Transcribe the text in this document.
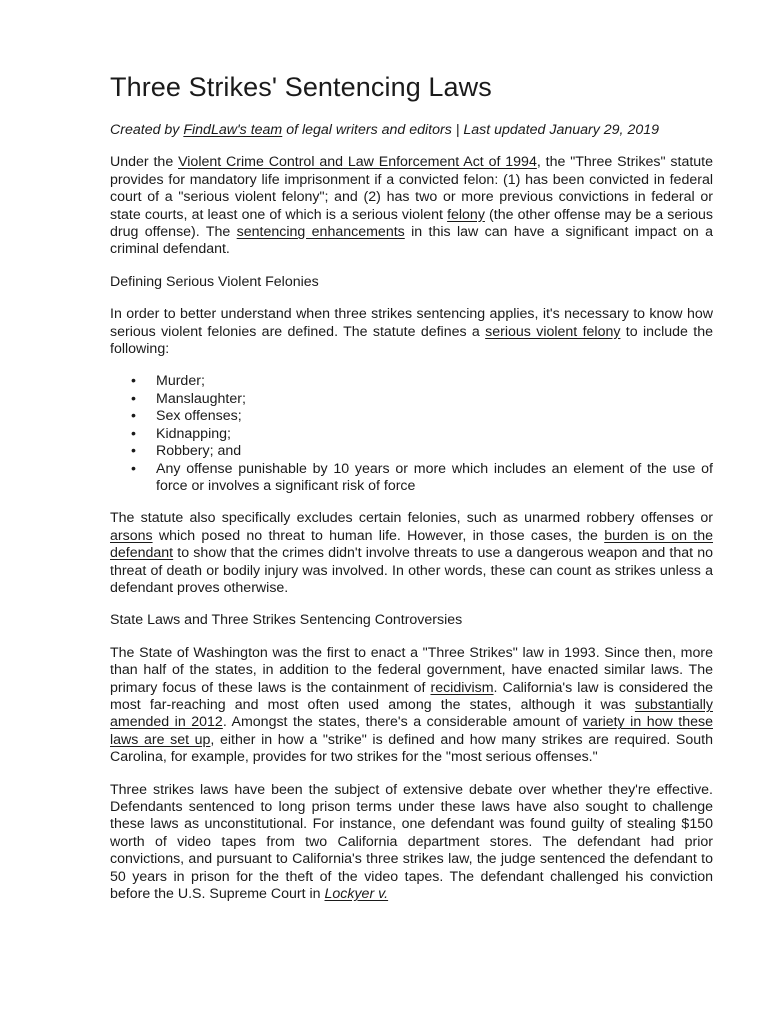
Three Strikes' Sentencing Laws

Created by FindLaw's team of legal writers and editors | Last updated January 29, 2019

Under the Violent Crime Control and Law Enforcement Act of 1994, the "Three Strikes" statute provides for mandatory life imprisonment if a convicted felon: (1) has been convicted in federal court of a "serious violent felony"; and (2) has two or more previous convictions in federal or state courts, at least one of which is a serious violent felony (the other offense may be a serious drug offense). The sentencing enhancements in this law can have a significant impact on a criminal defendant.

Defining Serious Violent Felonies

In order to better understand when three strikes sentencing applies, it's necessary to know how serious violent felonies are defined. The statute defines a serious violent felony to include the following:

• Murder;
• Manslaughter;
• Sex offenses;
• Kidnapping;
• Robbery; and
• Any offense punishable by 10 years or more which includes an element of the use of force or involves a significant risk of force

The statute also specifically excludes certain felonies, such as unarmed robbery offenses or arsons which posed no threat to human life. However, in those cases, the burden is on the defendant to show that the crimes didn't involve threats to use a dangerous weapon and that no threat of death or bodily injury was involved. In other words, these can count as strikes unless a defendant proves otherwise.

State Laws and Three Strikes Sentencing Controversies

The State of Washington was the first to enact a "Three Strikes" law in 1993. Since then, more than half of the states, in addition to the federal government, have enacted similar laws. The primary focus of these laws is the containment of recidivism. California's law is considered the most far-reaching and most often used among the states, although it was substantially amended in 2012. Amongst the states, there's a considerable amount of variety in how these laws are set up, either in how a "strike" is defined and how many strikes are required. South Carolina, for example, provides for two strikes for the "most serious offenses."

Three strikes laws have been the subject of extensive debate over whether they're effective. Defendants sentenced to long prison terms under these laws have also sought to challenge these laws as unconstitutional. For instance, one defendant was found guilty of stealing $150 worth of video tapes from two California department stores. The defendant had prior convictions, and pursuant to California's three strikes law, the judge sentenced the defendant to 50 years in prison for the theft of the video tapes. The defendant challenged his conviction before the U.S. Supreme Court in Lockyer v.
